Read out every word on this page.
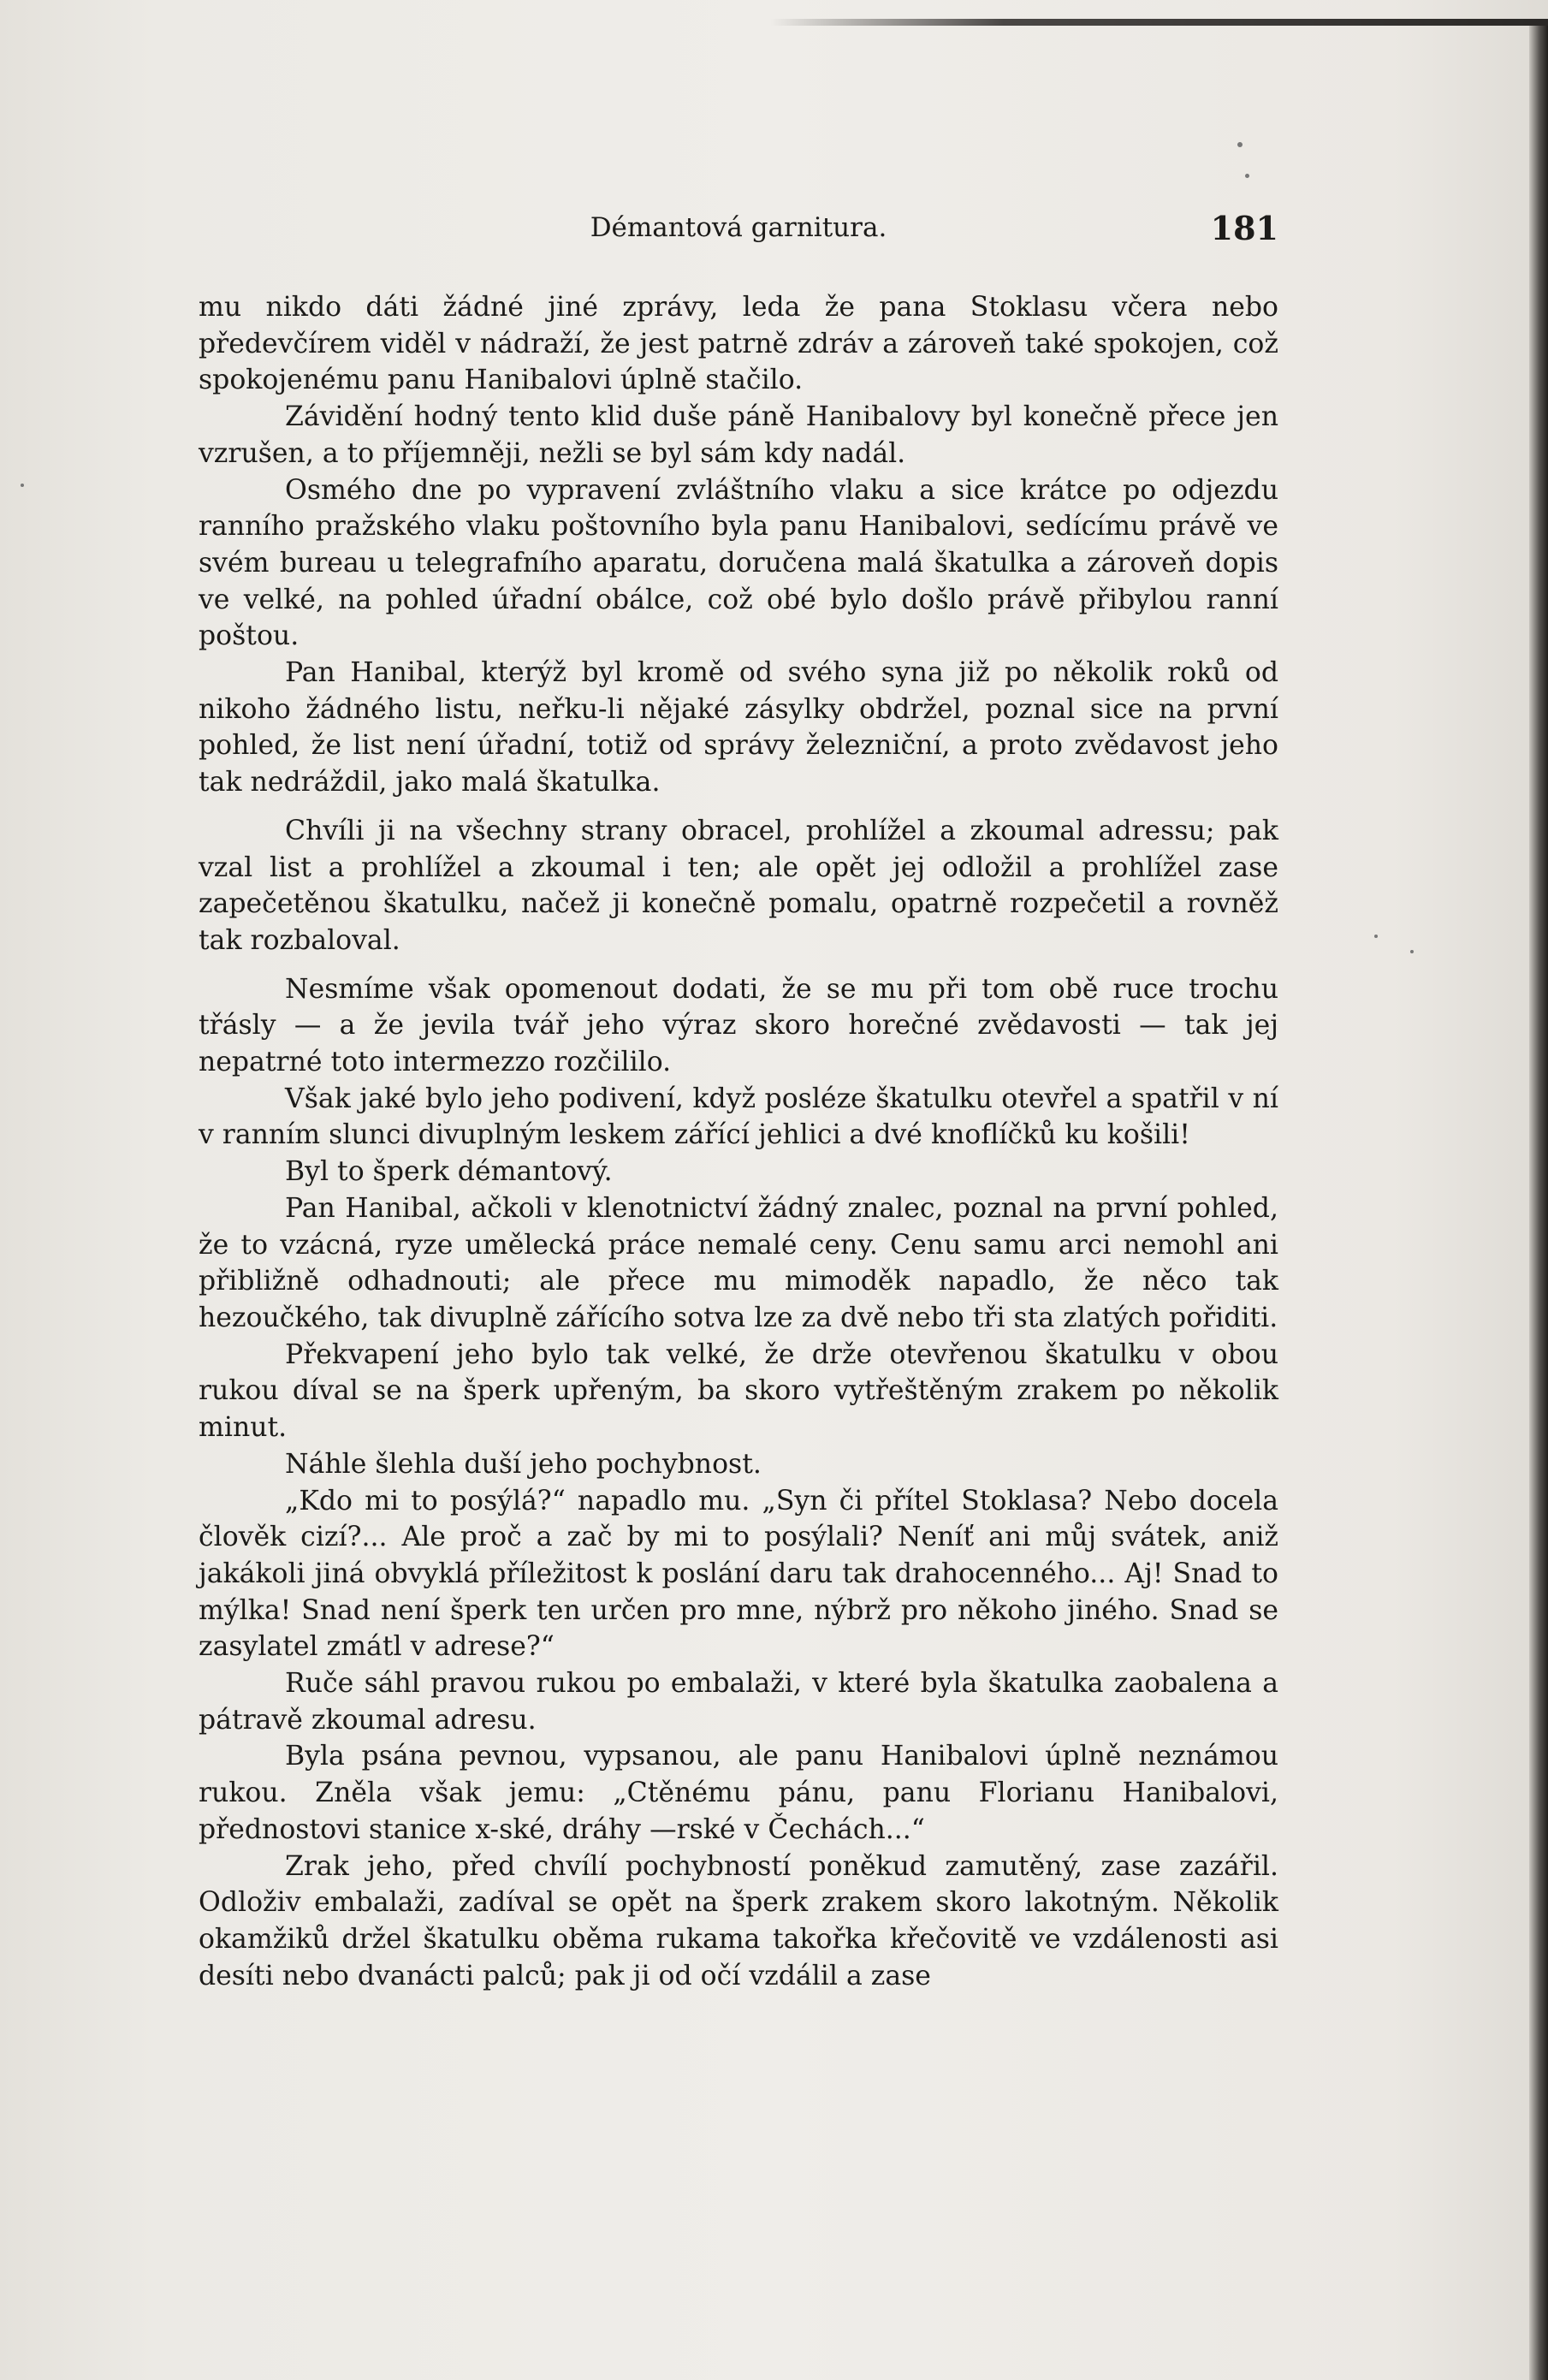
Démantová garnitura.	181

mu nikdo dáti žádné jiné zprávy, leda že pana Stoklasu včera nebo předevčírem viděl v nádraží, že jest patrně zdráv a zároveň také spokojen, což spokojenému panu Hanibalovi úplně stačilo.

Závidění hodný tento klid duše páně Hanibalovy byl konečně přece jen vzrušen, a to příjemněji, nežli se byl sám kdy nadál.

Osmého dne po vypravení zvláštního vlaku a sice krátce po odjezdu ranního pražského vlaku poštovního byla panu Hanibalovi, sedícímu právě ve svém bureau u telegrafního aparatu, doručena malá škatulka a zároveň dopis ve velké, na pohled úřadní obálce, což obé bylo došlo právě přibylou ranní poštou.

Pan Hanibal, kterýž byl kromě od svého syna již po několik roků od nikoho žádného listu, neřku-li nějaké zásylky obdržel, poznal sice na první pohled, že list není úřadní, totiž od správy železniční, a proto zvědavost jeho tak nedráždil, jako malá škatulka.

Chvíli ji na všechny strany obracel, prohlížel a zkoumal adressu; pak vzal list a prohlížel a zkoumal i ten; ale opět jej odložil a prohlížel zase zapečetěnou škatulku, načež ji konečně pomalu, opatrně rozpečetil a rovněž tak rozbaloval.

Nesmíme však opomenout dodati, že se mu při tom obě ruce trochu třásly — a že jevila tvář jeho výraz skoro horečné zvědavosti — tak jej nepatrné toto intermezzo rozčililo.

Však jaké bylo jeho podivení, když posléze škatulku otevřel a spatřil v ní v ranním slunci divuplným leskem zářící jehlici a dvé knoflíčků ku košili!

Byl to šperk démantový.

Pan Hanibal, ačkoli v klenotnictví žádný znalec, poznal na první pohled, že to vzácná, ryze umělecká práce nemalé ceny. Cenu samu arci nemohl ani přibližně odhadnouti; ale přece mu mimoděk napadlo, že něco tak hezoučkého, tak divuplně zářícího sotva lze za dvě nebo tři sta zlatých pořiditi.

Překvapení jeho bylo tak velké, že drže otevřenou škatulku v obou rukou díval se na šperk upřeným, ba skoro vytřeštěným zrakem po několik minut.

Náhle šlehla duší jeho pochybnost.

„Kdo mi to posýlá?“ napadlo mu. „Syn či přítel Stoklasa? Nebo docela člověk cizí?... Ale proč a zač by mi to posýlali? Neníť ani můj svátek, aniž jakákoli jiná obvyklá příležitost k poslání daru tak drahocenného... Aj! Snad to mýlka! Snad není šperk ten určen pro mne, nýbrž pro někoho jiného. Snad se zasylatel zmátl v adrese?“

Ruče sáhl pravou rukou po embalaži, v které byla škatulka zaobalena a pátravě zkoumal adresu.

Byla psána pevnou, vypsanou, ale panu Hanibalovi úplně neznámou rukou. Zněla však jemu: „Ctěnému pánu, panu Florianu Hanibalovi, přednostovi stanice x-ské, dráhy —rské v Čechách...“

Zrak jeho, před chvílí pochybností poněkud zamutěný, zase zazářil. Odloživ embalaži, zadíval se opět na šperk zrakem skoro lakotným. Několik okamžiků držel škatulku oběma rukama takořka křečovitě ve vzdálenosti asi desíti nebo dvanácti palců; pak ji od očí vzdálil a zase
